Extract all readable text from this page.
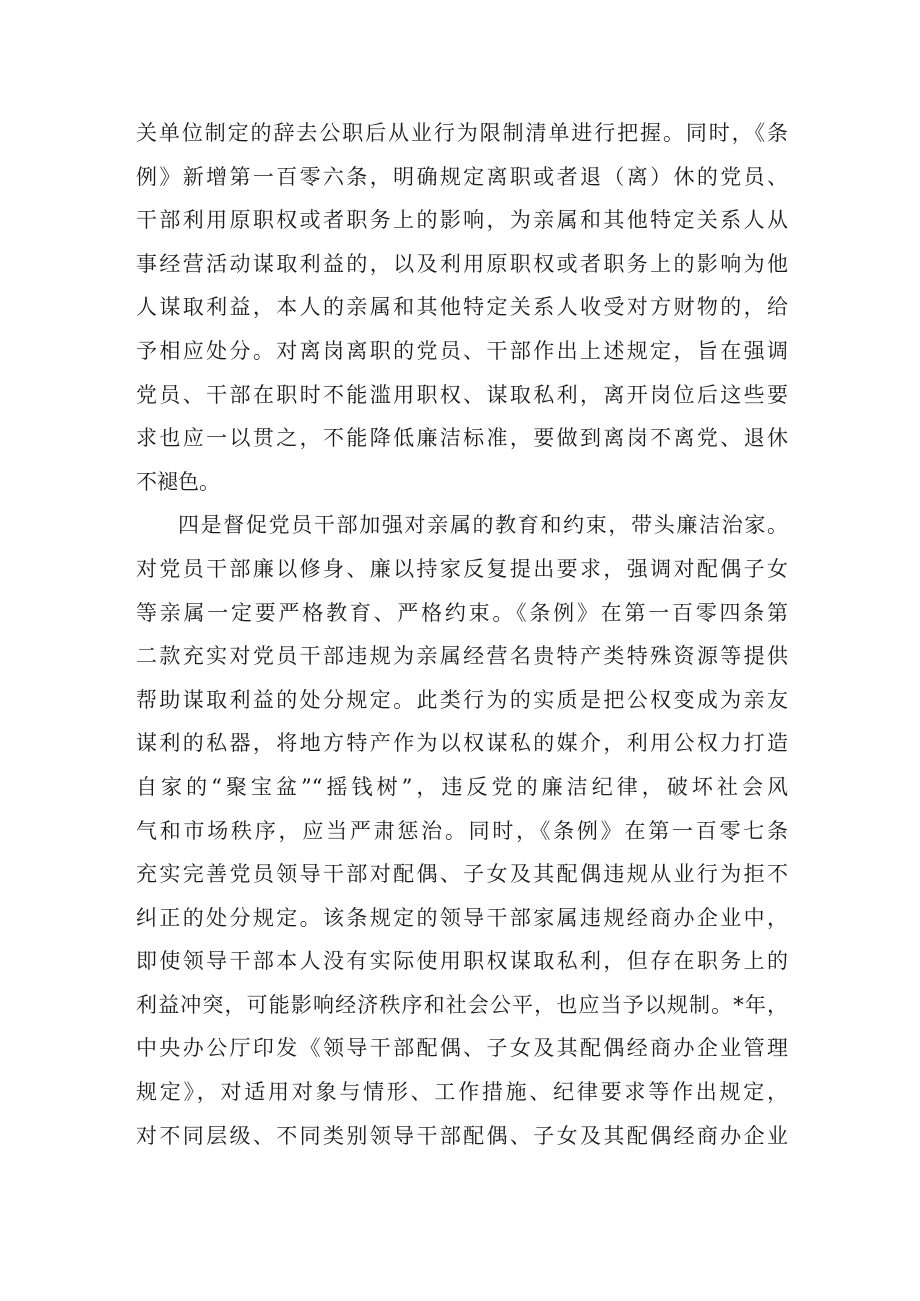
关单位制定的辞去公职后从业行为限制清单进行把握。同时，《条
例》新增第一百零六条，明确规定离职或者退（离）休的党员、
干部利用原职权或者职务上的影响，为亲属和其他特定关系人从
事经营活动谋取利益的，以及利用原职权或者职务上的影响为他
人谋取利益，本人的亲属和其他特定关系人收受对方财物的，给
予相应处分。对离岗离职的党员、干部作出上述规定，旨在强调
党员、干部在职时不能滥用职权、谋取私利，离开岗位后这些要
求也应一以贯之，不能降低廉洁标准，要做到离岗不离党、退休
不褪色。
四是督促党员干部加强对亲属的教育和约束，带头廉洁治家。
对党员干部廉以修身、廉以持家反复提出要求，强调对配偶子女
等亲属一定要严格教育、严格约束。《条例》在第一百零四条第
二款充实对党员干部违规为亲属经营名贵特产类特殊资源等提供
帮助谋取利益的处分规定。此类行为的实质是把公权变成为亲友
谋利的私器，将地方特产作为以权谋私的媒介，利用公权力打造
自家的“聚宝盆”“摇钱树”，违反党的廉洁纪律，破坏社会风
气和市场秩序，应当严肃惩治。同时，《条例》在第一百零七条
充实完善党员领导干部对配偶、子女及其配偶违规从业行为拒不
纠正的处分规定。该条规定的领导干部家属违规经商办企业中，
即使领导干部本人没有实际使用职权谋取私利，但存在职务上的
利益冲突，可能影响经济秩序和社会公平，也应当予以规制。*年，
中央办公厅印发《领导干部配偶、子女及其配偶经商办企业管理
规定》，对适用对象与情形、工作措施、纪律要求等作出规定，
对不同层级、不同类别领导干部配偶、子女及其配偶经商办企业
